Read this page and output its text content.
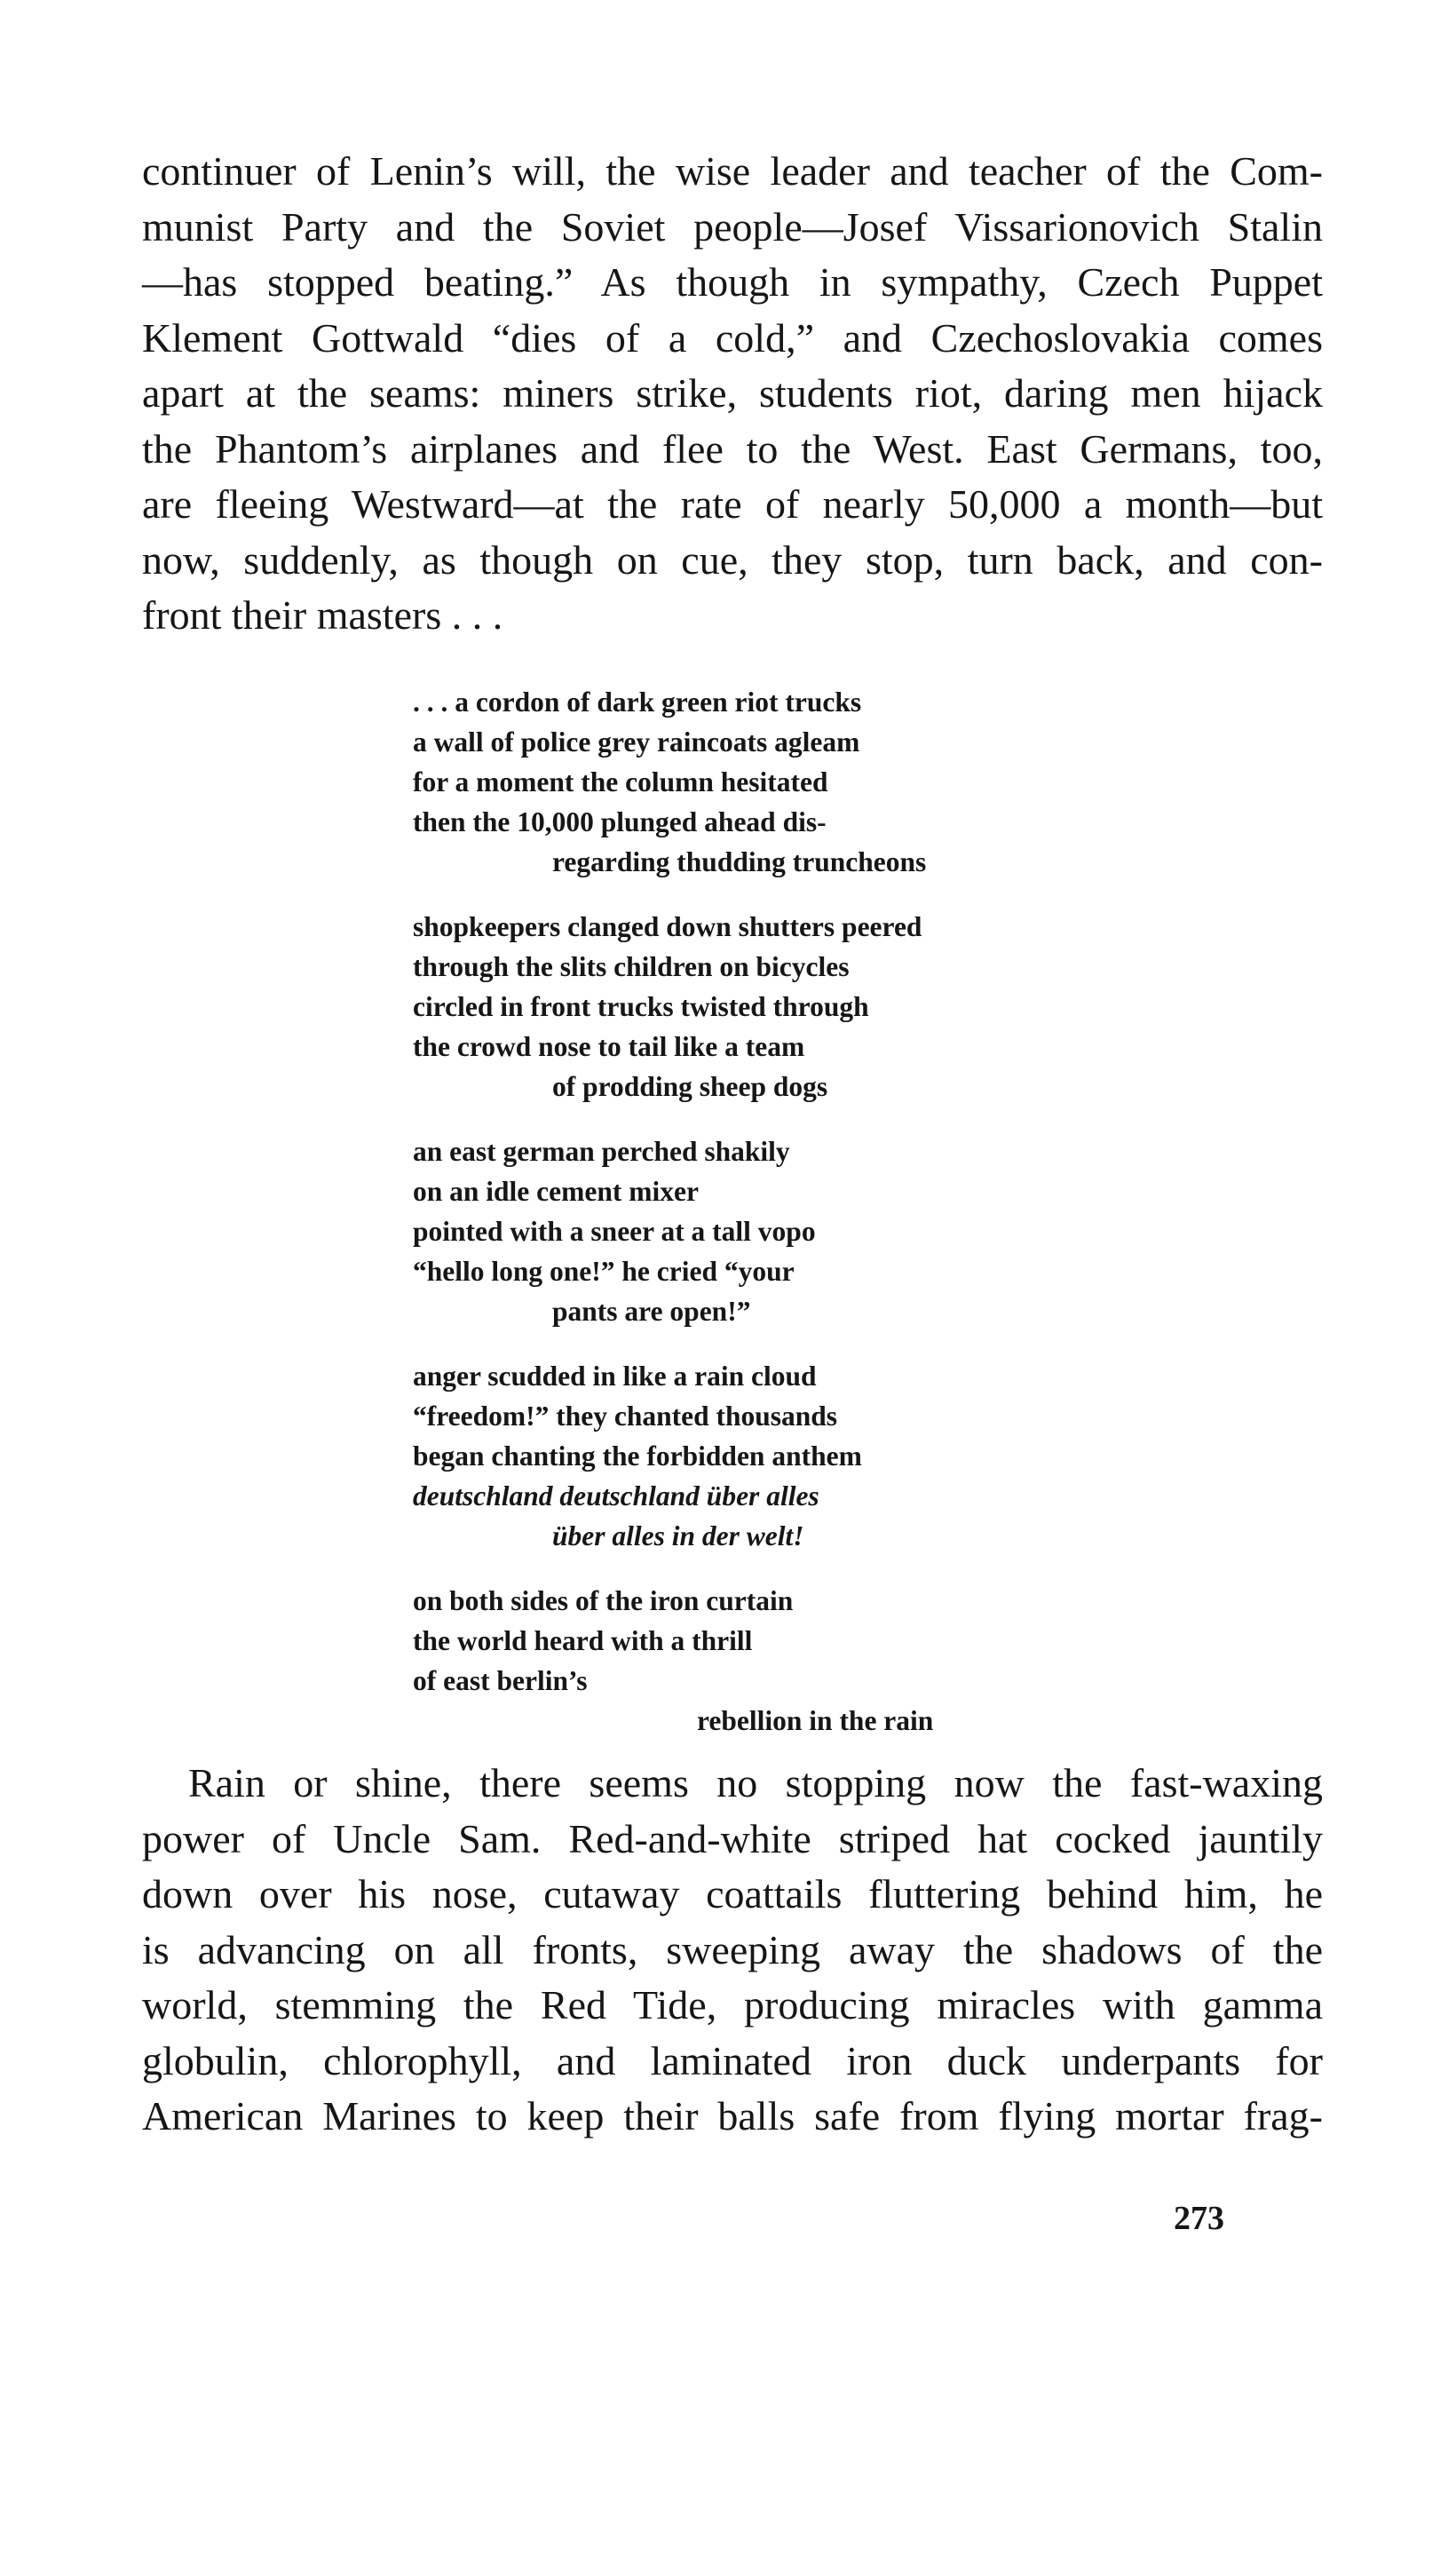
continuer of Lenin’s will, the wise leader and teacher of the Com-
munist Party and the Soviet people—Josef Vissarionovich Stalin
—has stopped beating.” As though in sympathy, Czech Puppet
Klement Gottwald “dies of a cold,” and Czechoslovakia comes
apart at the seams: miners strike, students riot, daring men hijack
the Phantom’s airplanes and flee to the West. East Germans, too,
are fleeing Westward—at the rate of nearly 50,000 a month—but
now, suddenly, as though on cue, they stop, turn back, and con-
front their masters . . .
. . . a cordon of dark green riot trucks
a wall of police grey raincoats agleam
for a moment the column hesitated
then the 10,000 plunged ahead dis-
regarding thudding truncheons
shopkeepers clanged down shutters peered
through the slits children on bicycles
circled in front trucks twisted through
the crowd nose to tail like a team
of prodding sheep dogs
an east german perched shakily
on an idle cement mixer
pointed with a sneer at a tall vopo
“hello long one!” he cried “your
pants are open!”
anger scudded in like a rain cloud
“freedom!” they chanted thousands
began chanting the forbidden anthem
deutschland deutschland über alles
über alles in der welt!
on both sides of the iron curtain
the world heard with a thrill
of east berlin’s
rebellion in the rain
Rain or shine, there seems no stopping now the fast-waxing
power of Uncle Sam. Red-and-white striped hat cocked jauntily
down over his nose, cutaway coattails fluttering behind him, he
is advancing on all fronts, sweeping away the shadows of the
world, stemming the Red Tide, producing miracles with gamma
globulin, chlorophyll, and laminated iron duck underpants for
American Marines to keep their balls safe from flying mortar frag-
273
